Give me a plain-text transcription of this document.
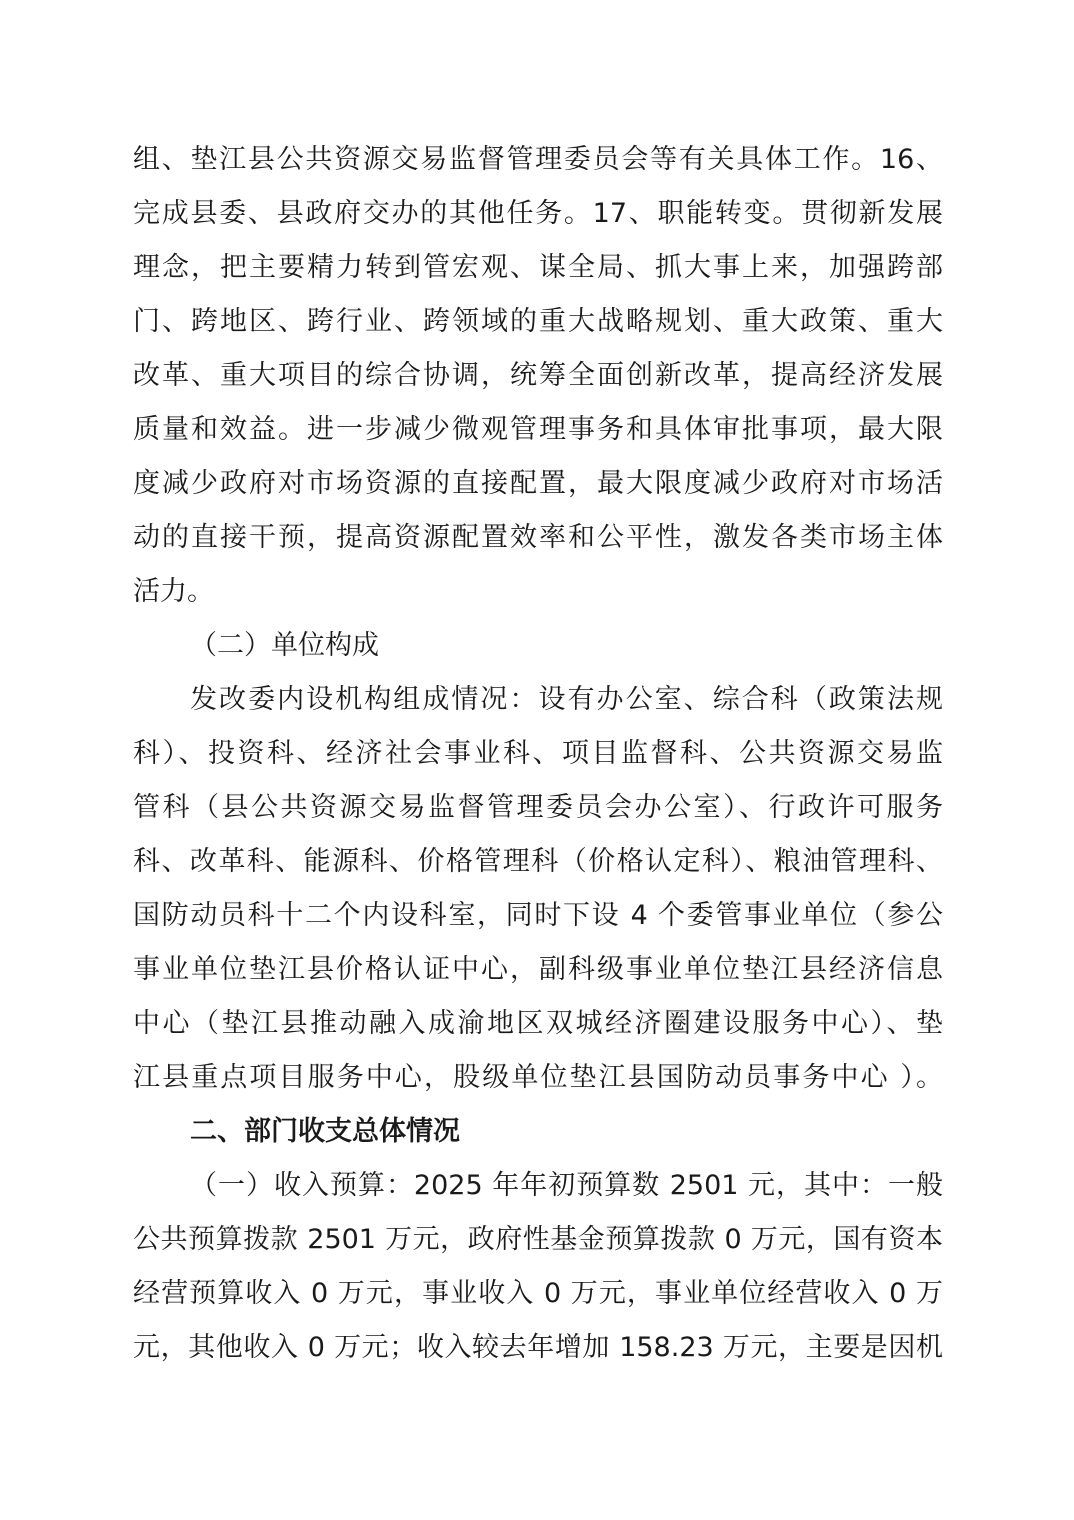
组、垫江县公共资源交易监督管理委员会等有关具体工作。16、
完成县委、县政府交办的其他任务。17、职能转变。贯彻新发展
理念，把主要精力转到管宏观、谋全局、抓大事上来，加强跨部
门、跨地区、跨行业、跨领域的重大战略规划、重大政策、重大
改革、重大项目的综合协调，统筹全面创新改革，提高经济发展
质量和效益。进一步减少微观管理事务和具体审批事项，最大限
度减少政府对市场资源的直接配置，最大限度减少政府对市场活
动的直接干预，提高资源配置效率和公平性，激发各类市场主体
活力。
（二）单位构成
发改委内设机构组成情况：设有办公室、综合科（政策法规
科）、投资科、经济社会事业科、项目监督科、公共资源交易监
管科（县公共资源交易监督管理委员会办公室）、行政许可服务
科、改革科、能源科、价格管理科（价格认定科）、粮油管理科、
国防动员科十二个内设科室，同时下设 4 个委管事业单位（参公
事业单位垫江县价格认证中心，副科级事业单位垫江县经济信息
中心（垫江县推动融入成渝地区双城经济圈建设服务中心）、垫
江县重点项目服务中心，股级单位垫江县国防动员事务中心 ）。
二、部门收支总体情况
（一）收入预算：2025 年年初预算数 2501 元，其中：一般
公共预算拨款 2501 万元，政府性基金预算拨款 0 万元，国有资本
经营预算收入 0 万元，事业收入 0 万元，事业单位经营收入 0 万
元，其他收入 0 万元；收入较去年增加 158.23 万元，主要是因机
